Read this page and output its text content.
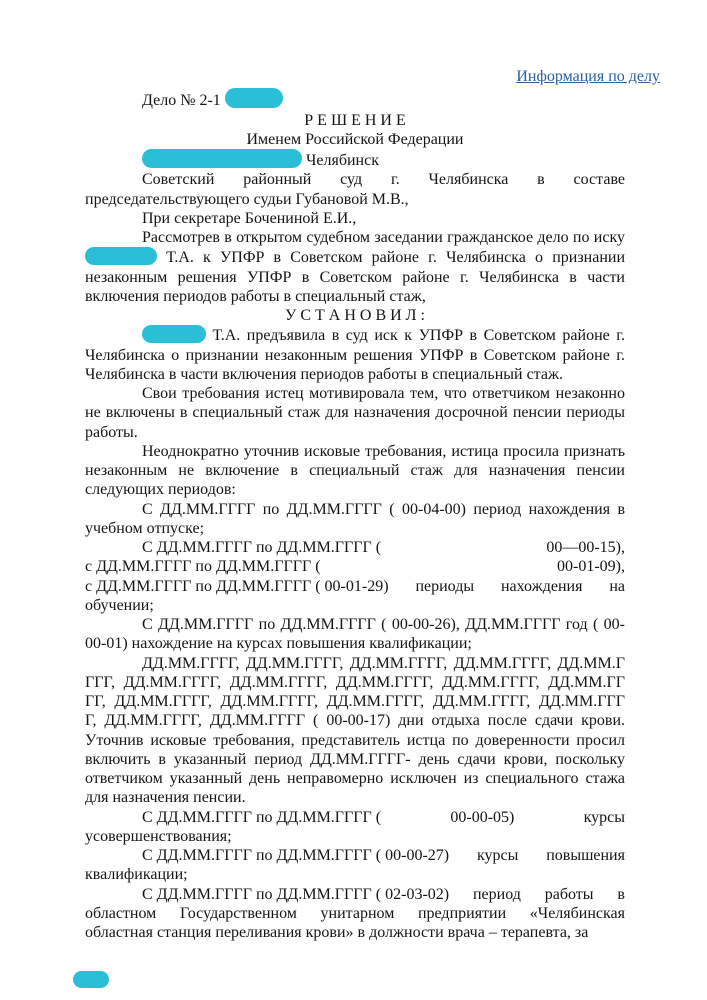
Информация по делу
Дело № 2-1
Р Е Ш Е Н И Е
Именем Российской Федерации
Челябинск
Советский районный суд г. Челябинска в составе
председательствующего судьи Губановой М.В.,
При секретаре Бочениной Е.И.,
Рассмотрев в открытом судебном заседании гражданское дело по иску
Т.А. к УПФР в Советском районе г. Челябинска о признании
незаконным решения УПФР в Советском районе г. Челябинска в части
включения периодов работы в специальный стаж,
У С Т А Н О В И Л :
Т.А. предъявила в суд иск к УПФР в Советском районе г.
Челябинска о признании незаконным решения УПФР в Советском районе г.
Челябинска в части включения периодов работы в специальный стаж.
Свои требования истец мотивировала тем, что ответчиком незаконно
не включены в специальный стаж для назначения досрочной пенсии периоды
работы.
Неоднократно уточнив исковые требования, истица просила признать
незаконным не включение в специальный стаж для назначения пенсии
следующих периодов:
С ДД.ММ.ГГГГ по ДД.ММ.ГГГГ ( 00-04-00) период нахождения в
учебном отпуске;
С ДД.ММ.ГГГГ по ДД.ММ.ГГГГ (	00—00-15),
с ДД.ММ.ГГГГ по ДД.ММ.ГГГГ (	00-01-09),
с ДД.ММ.ГГГГ по ДД.ММ.ГГГГ ( 00-01-29) периоды нахождения на
обучении;
С ДД.ММ.ГГГГ по ДД.ММ.ГГГГ ( 00-00-26), ДД.ММ.ГГГГ год ( 00-
00-01) нахождение на курсах повышения квалификации;
ДД.ММ.ГГГГ, ДД.ММ.ГГГГ, ДД.ММ.ГГГГ, ДД.ММ.ГГГГ, ДД.ММ.Г
ГГГ, ДД.ММ.ГГГГ, ДД.ММ.ГГГГ, ДД.ММ.ГГГГ, ДД.ММ.ГГГГ, ДД.ММ.ГГ
ГГ, ДД.ММ.ГГГГ, ДД.ММ.ГГГГ, ДД.ММ.ГГГГ, ДД.ММ.ГГГГ, ДД.ММ.ГГГ
Г, ДД.ММ.ГГГГ, ДД.ММ.ГГГГ ( 00-00-17) дни отдыха после сдачи крови.
Уточнив исковые требования, представитель истца по доверенности просил
включить в указанный период ДД.ММ.ГГГГ- день сдачи крови, поскольку
ответчиком указанный день неправомерно исключен из специального стажа
для назначения пенсии.
С ДД.ММ.ГГГГ по ДД.ММ.ГГГГ (	00-00-05)	курсы
усовершенствования;
С ДД.ММ.ГГГГ по ДД.ММ.ГГГГ ( 00-00-27) курсы повышения
квалификации;
С ДД.ММ.ГГГГ по ДД.ММ.ГГГГ ( 02-03-02) период работы в
областном Государственном унитарном предприятии «Челябинская
областная станция переливания крови» в должности врача – терапевта, за
